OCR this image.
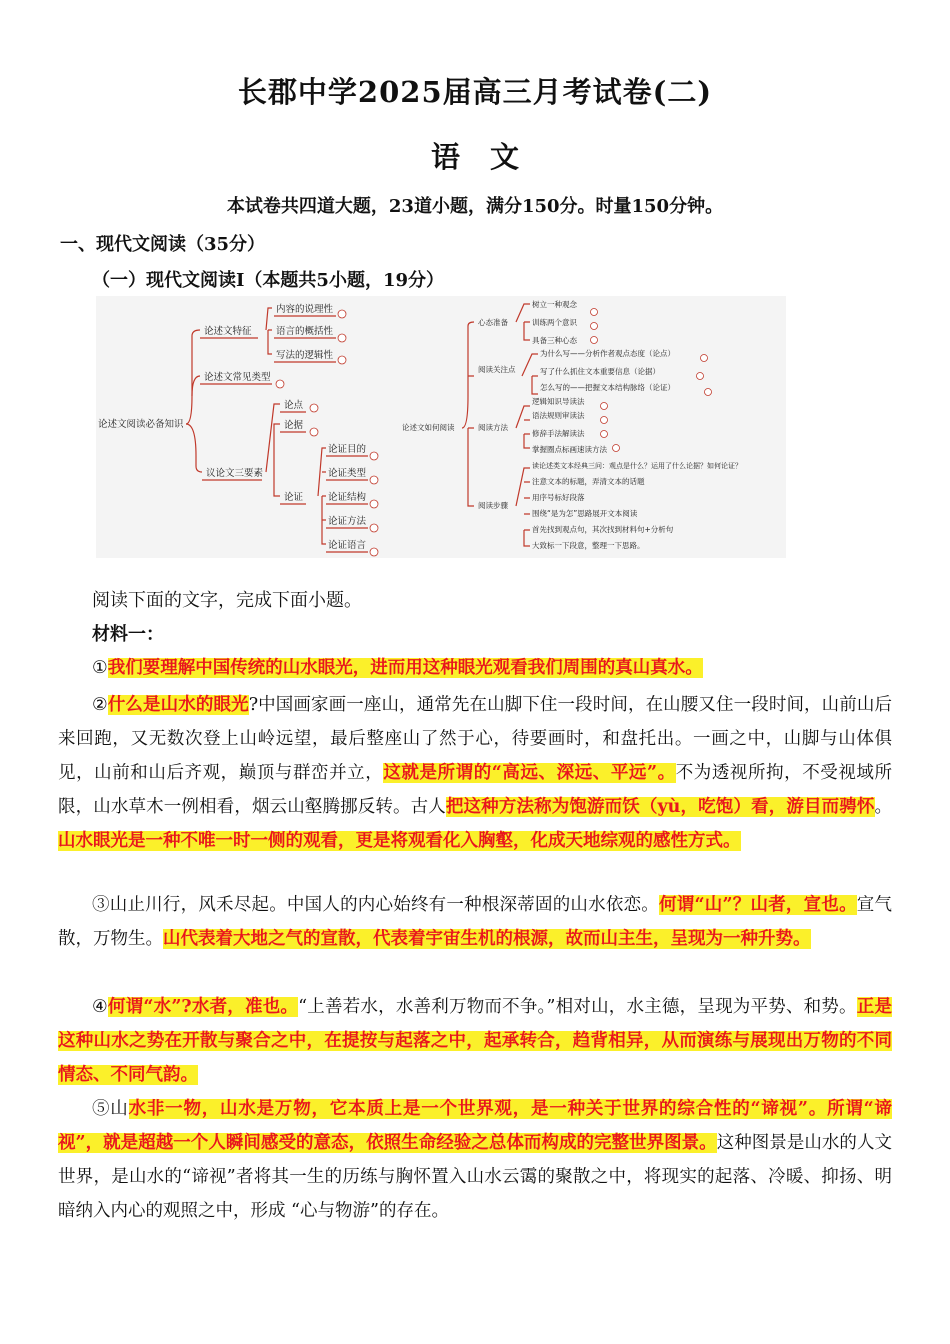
长郡中学2025届高三月考试卷(二)
语文
本试卷共四道大题，23道小题，满分150分。时量150分钟。
一、现代文阅读（35分）
（一）现代文阅读Ⅰ（本题共5小题，19分）
论述文阅读必备知识
论述文特征
内容的说理性
语言的概括性
写法的逻辑性
论述文常见类型
议论文三要素
论点
论据
论证
论证目的
论证类型
论证结构
论证方法
论证语言
论述文如何阅读
心态准备
树立一种观念
训练两个意识
具备三种心态
阅读关注点
为什么写——分析作者观点态度（论点）
写了什么抓住文本重要信息（论据）
怎么写的——把握文本结构脉络（论证）
阅读方法
逻辑知识导读法
语法规则审读法
修辞手法解读法
掌握圈点标画速读方法
阅读步骤
读论述类文本经典三问：观点是什么？运用了什么论据？如何论证？
注意文本的标题，弄清文本的话题
用序号标好段落
围绕“是为怎”思路展开文本阅读
首先找到观点句，其次找到材料句+分析句
大致标一下段意，整理一下思路。
阅读下面的文字，完成下面小题。
材料一：

①我们要理解中国传统的山水眼光，进而用这种眼光观看我们周围的真山真水。

②什么是山水的眼光?中国画家画一座山，通常先在山脚下住一段时间，在山腰又住一段时间，山前山后来回跑，又无数次登上山岭远望，最后整座山了然于心，待要画时，和盘托出。一画之中，山脚与山体俱见，山前和山后齐观，巅顶与群峦并立，这就是所谓的“高远、深远、平远”。不为透视所拘，不受视域所限，山水草木一例相看，烟云山壑腾挪反转。古人把这种方法称为饱游而饫（yù，吃饱）看，游目而骋怀。山水眼光是一种不唯一时一侧的观看，更是将观看化入胸壑，化成天地综观的感性方式。

③山止川行，风禾尽起。中国人的内心始终有一种根深蒂固的山水依恋。何谓“山”？山者，宣也。宣气散，万物生。山代表着大地之气的宣散，代表着宇宙生机的根源，故而山主生，呈现为一种升势。

④何谓“水”?水者，准也。“上善若水，水善利万物而不争。”相对山，水主德，呈现为平势、和势。正是这种山水之势在开散与聚合之中，在提按与起落之中，起承转合，趋背相异，从而演练与展现出万物的不同情态、不同气韵。

⑤山水非一物，山水是万物，它本质上是一个世界观，是一种关于世界的综合性的“谛视”。所谓“谛视”，就是超越一个人瞬间感受的意态，依照生命经验之总体而构成的完整世界图景。这种图景是山水的人文世界，是山水的“谛视”者将其一生的历练与胸怀置入山水云霭的聚散之中，将现实的起落、冷暖、抑扬、明暗纳入内心的观照之中，形成 “心与物游”的存在。
